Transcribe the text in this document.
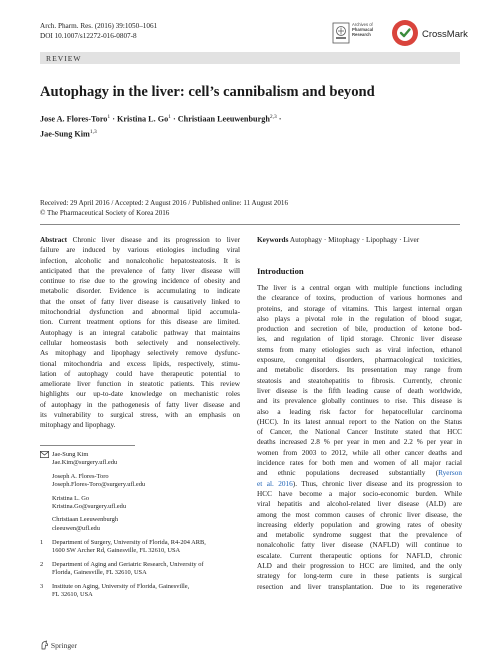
Arch. Pharm. Res. (2016) 39:1050–1061
DOI 10.1007/s12272-016-0807-8
Archives of
Pharmacal
Research	CrossMark
REVIEW
Autophagy in the liver: cell’s cannibalism and beyond
Jose A. Flores-Toro$^1$ · Kristina L. $Go^1$ · Christiaan Leeuwenburgh$^{2,3}$ ·
Jae-Sung Kim$^{1,3}$
Received: 29 April 2016 / Accepted: 2 August 2016 / Published online: 11 August 2016
© The Pharmaceutical Society of Korea 2016
Abstract Chronic liver disease and its progression to liver
failure are induced by various etiologies including viral
infection, alcoholic and nonalcoholic hepatosteatosis. It is
anticipated that the prevalence of fatty liver disease will
continue to rise due to the growing incidence of obesity and
metabolic disorder. Evidence is accumulating to indicate
that the onset of fatty liver disease is causatively linked to
mitochondrial dysfunction and abnormal lipid accumula-
tion. Current treatment options for this disease are limited.
Autophagy is an integral catabolic pathway that maintains
cellular homeostasis both selectively and nonselectively.
As mitophagy and lipophagy selectively remove dysfunc-
tional mitochondria and excess lipids, respectively, stimu-
lation of autophagy could have therapeutic potential to
ameliorate liver function in steatotic patients. This review
highlights our up-to-date knowledge on mechanistic roles
of autophagy in the pathogenesis of fatty liver disease and
its vulnerability to surgical stress, with an emphasis on
mitophagy and lipophagy.
Keywords Autophagy · Mitophagy · Lipophagy · Liver
Introduction
The liver is a central organ with multiple functions including
the clearance of toxins, production of various hormones and
proteins, and storage of vitamins. This largest internal organ
also plays a pivotal role in the regulation of blood sugar,
production and secretion of bile, production of ketone bod-
ies, and regulation of lipid storage. Chronic liver disease
stems from many etiologies such as viral infection, ethanol
exposure, congenital disorders, pharmacological toxicities,
and metabolic disorders. Its presentation may range from
steatosis and steatohepatitis to fibrosis. Currently, chronic
liver disease is the fifth leading cause of death worldwide,
and its prevalence globally continues to rise. This disease is
also a leading risk factor for hepatocellular carcinoma
(HCC). In its latest annual report to the Nation on the Status
of Cancer, the National Cancer Institute stated that HCC
deaths increased 2.8 % per year in men and 2.2 % per year in
women from 2003 to 2012, while all other cancer deaths and
incidence rates for both men and women of all major racial
and ethnic populations decreased substantially (Ryerson
et al. 2016). Thus, chronic liver disease and its progression to
HCC have become a major socio-economic burden. While
viral hepatitis and alcohol-related liver disease (ALD) are
among the most common causes of chronic liver disease, the
increasing elderly population and growing rates of obesity
and metabolic syndrome suggest that the prevalence of
nonalcoholic fatty liver disease (NAFLD) will continue to
escalate. Current therapeutic options for NAFLD, chronic
ALD and their progression to HCC are limited, and the only
strategy for long-term cure in these patients is surgical
resection and liver transplantation. Due to its regenerative
Jae-Sung Kim
Jae.Kim@surgery.ufl.edu
Joseph A. Flores-Toro
Joseph.Flores-Toro@surgery.ufl.edu
Kristina L. Go
Kristina.Go@surgery.ufl.edu
Christiaan Leeuwenburgh
cleeuwen@ufl.edu
1 Department of Surgery, University of Florida, R4-204 ARB,
1600 SW Archer Rd, Gainesville, FL 32610, USA
2 Department of Aging and Geriatric Research, University of
Florida, Gainesville, FL 32610, USA
3 Institute on Aging, University of Florida, Gainesville,
FL 32610, USA
Springer
